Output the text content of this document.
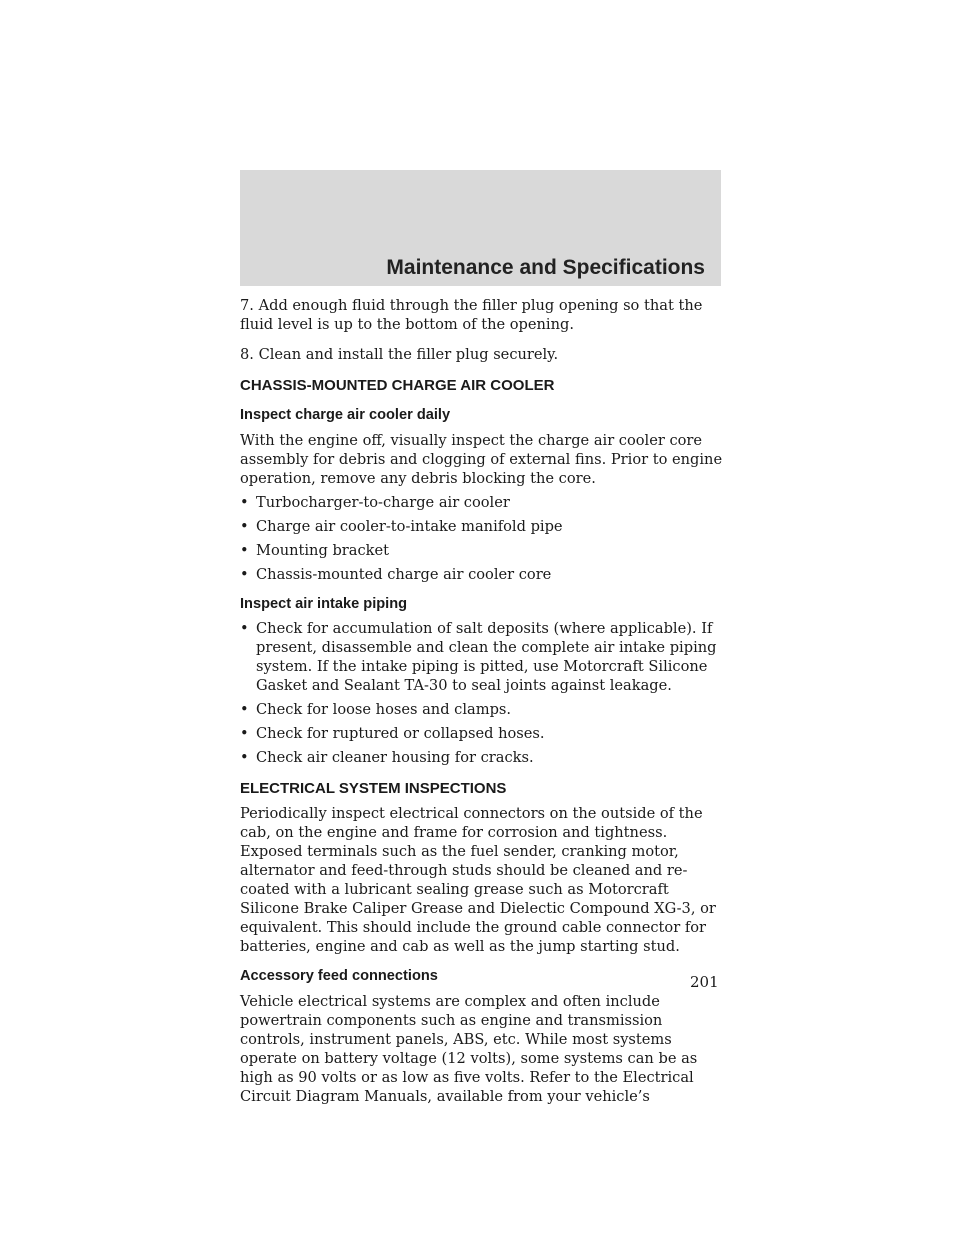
Maintenance and Specifications

7. Add enough fluid through the filler plug opening so that the fluid level is up to the bottom of the opening.

8. Clean and install the filler plug securely.

CHASSIS-MOUNTED CHARGE AIR COOLER
Inspect charge air cooler daily

With the engine off, visually inspect the charge air cooler core assembly for debris and clogging of external fins. Prior to engine operation, remove any debris blocking the core.

• Turbocharger-to-charge air cooler
• Charge air cooler-to-intake manifold pipe
• Mounting bracket
• Chassis-mounted charge air cooler core
Inspect air intake piping
• Check for accumulation of salt deposits (where applicable). If present, disassemble and clean the complete air intake piping system. If the intake piping is pitted, use Motorcraft Silicone Gasket and Sealant TA-30 to seal joints against leakage.
• Check for loose hoses and clamps.
• Check for ruptured or collapsed hoses.
• Check air cleaner housing for cracks.
ELECTRICAL SYSTEM INSPECTIONS

Periodically inspect electrical connectors on the outside of the cab, on the engine and frame for corrosion and tightness. Exposed terminals such as the fuel sender, cranking motor, alternator and feed-through studs should be cleaned and re-coated with a lubricant sealing grease such as Motorcraft Silicone Brake Caliper Grease and Dielectic Compound XG-3, or equivalent. This should include the ground cable connector for batteries, engine and cab as well as the jump starting stud.

Accessory feed connections

Vehicle electrical systems are complex and often include powertrain components such as engine and transmission controls, instrument panels, ABS, etc. While most systems operate on battery voltage (12 volts), some systems can be as high as 90 volts or as low as five volts. Refer to the Electrical Circuit Diagram Manuals, available from your vehicle’s

201
